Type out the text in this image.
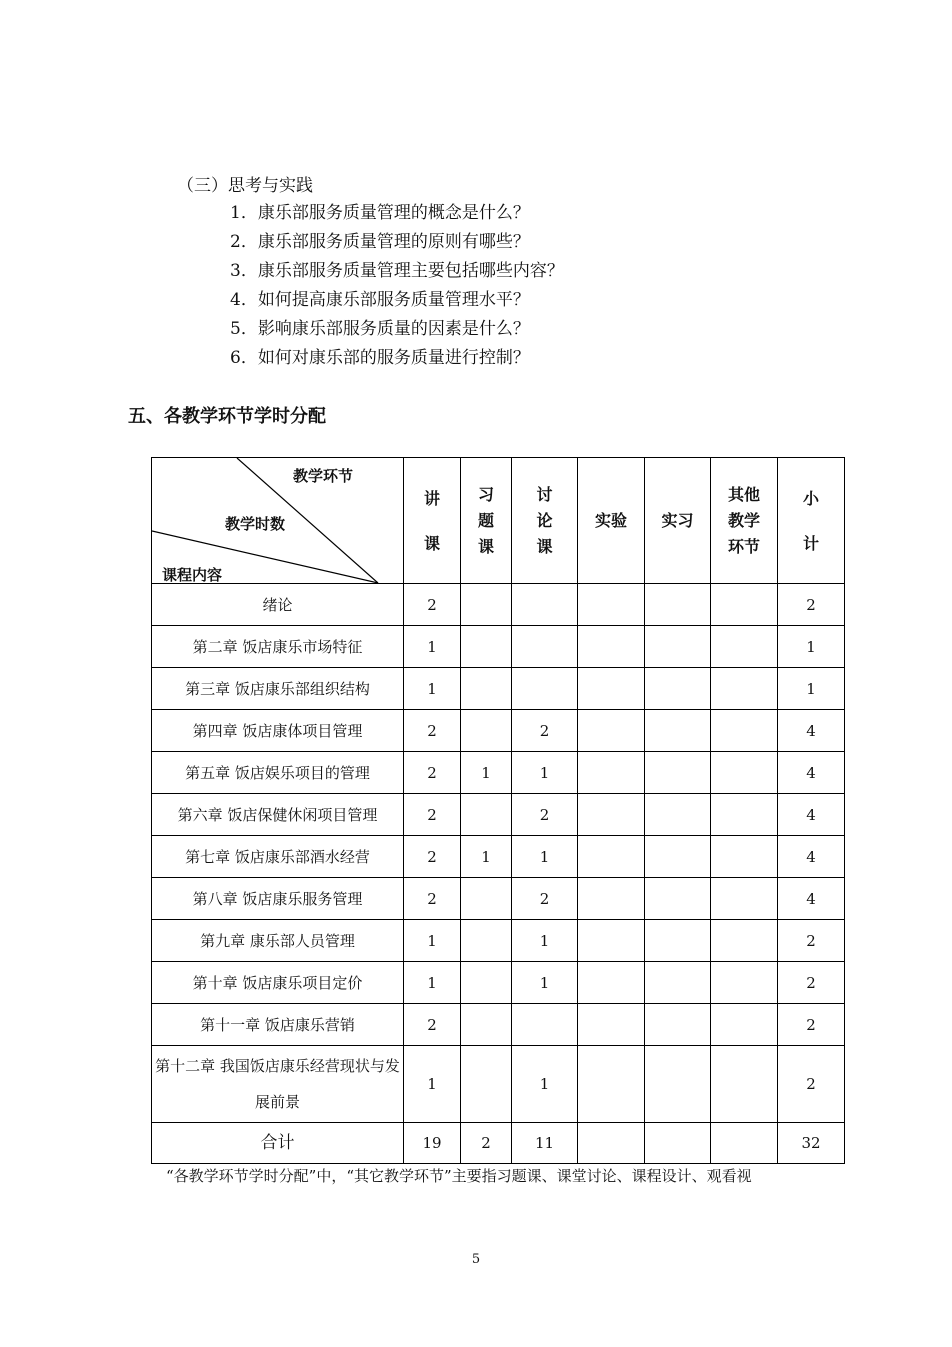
（三）思考与实践
1．康乐部服务质量管理的概念是什么？
2．康乐部服务质量管理的原则有哪些？
3．康乐部服务质量管理主要包括哪些内容？
4．如何提高康乐部服务质量管理水平？
5．影响康乐部服务质量的因素是什么？
6．如何对康乐部的服务质量进行控制？
五、各教学环节学时分配
教学环节
教学时数
课程内容	讲课	习题课	讨论课	实验	实习	其他教学环节	小计

绪论	2						2
第二章 饭店康乐市场特征	1						1
第三章 饭店康乐部组织结构	1						1
第四章 饭店康体项目管理	2		2				4
第五章 饭店娱乐项目的管理	2	1	1				4
第六章 饭店保健休闲项目管理	2		2				4
第七章 饭店康乐部酒水经营	2	1	1				4
第八章 饭店康乐服务管理	2		2				4
第九章 康乐部人员管理	1		1				2
第十章 饭店康乐项目定价	1		1				2
第十一章 饭店康乐营销	2						2
第十二章 我国饭店康乐经营现状与发展前景	1		1				2
合计	19	2	11				32
“各教学环节学时分配”中，“其它教学环节”主要指习题课、课堂讨论、课程设计、观看视
5
